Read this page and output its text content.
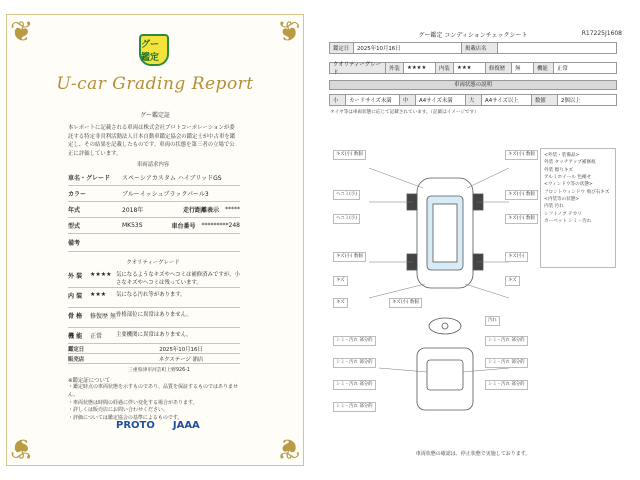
❦	❦
❦	❦
グー鑑定
U-car Grading Report
グー鑑定証
本レポートに記載される車両は株式会社プロトコーポレーションが委託する特定非営利活動法人日本自動車鑑定協会の鑑定士が中古車を鑑定し、その結果を記載したものです。車両の状態を第三者の立場で公正に評価しています。
車両請求内容
車名・グレード	スペーシアカスタム ハイブリッドGS
カラー	ブルーイッシュブラックパール3
年式	2018年	走行距離表示 *****
型式	MK53S	車台番号 *********248
備考
クオリティーグレード
外 装	★★★★ 気になるようなキズやヘコミは補修済みですが、小さなキズやヘコミは残っています。
内 装	★★★	気になる汚れ等があります。
骨 格	修復歴 無 骨格部位に異常はありません。
機 能	正常	主要機関に異常はありません。
鑑定日	2025年10月16日
販売店	ネクステージ 浦店
三重県津市河芸町上野926-1
※鑑定証について
・鑑定時点の車両状態を示すものであり、品質を保証するものではありません。
・車両状態は時間の経過に伴い変化する場合があります。
・詳しくは販売店にお問い合わせください。
・評価については鑑定協会の基準によるものです。
PROTO JAAA
グー鑑定 コンディションチェックシート	R17225J1608
鑑定日	2025年10月16日	掲載店名
クオリティーグレード
外装	★★★★	内装	★★★	修復歴	無	機能	正常
車両状態の説明
小	カードサイズ未満	中	A4サイズ未満	大	A4サイズ以上	数値	2個以上
タイヤ等は車両状態に応じて記載されています。（記載はイメージです）
キズ(小) 数個	キズ(小) 数個
ヘコミ(小)	キズ(小) 数個
ヘコミ(小)	キズ(小) 数個
キズ(小) 数個	キズ(小)
キズ	キズ
キズ	キズ(小) 数個
汚れ
シミ・汚れ 部分的	シミ・汚れ 部分的
シミ・汚れ 部分的	シミ・汚れ 部分的
シミ・汚れ 部分的	シミ・汚れ 部分的
シミ・汚れ 部分的
<外装・装備品>
外装 タッチアップ補修痕
外装 擦りキズ
アルミホイール 色褪せ
<ウィンドウ等の状態>
フロントウィンドウ 飛び石キズ
<内装等の状態>
内装 汚れ
シフトノブ テカリ
カーペット シミ・汚れ
車両状態の確認は、停止状態で実施しております。
